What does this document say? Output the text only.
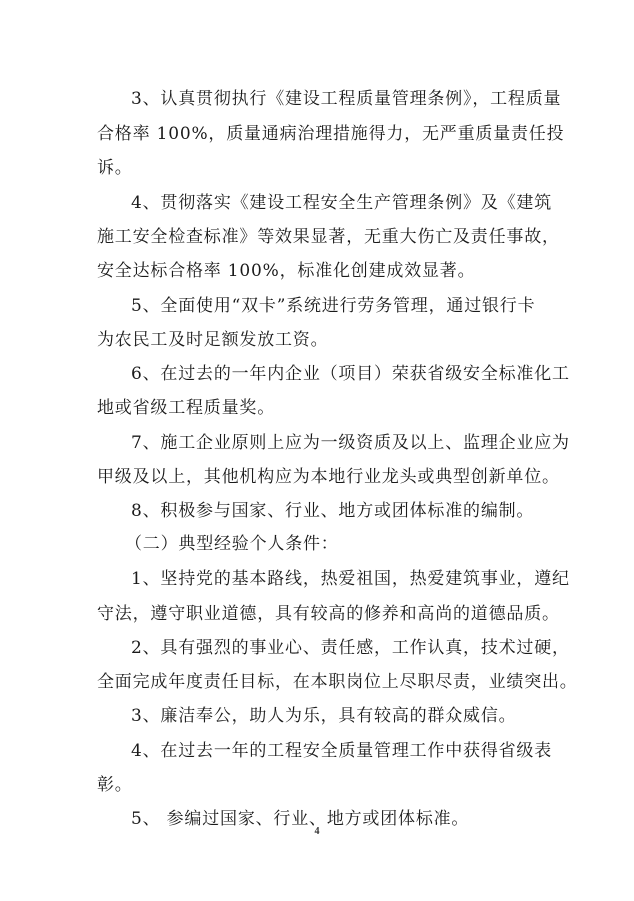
3、认真贯彻执行《建设工程质量管理条例》，工程质量
合格率 100%，质量通病治理措施得力，无严重质量责任投
诉。
4、贯彻落实《建设工程安全生产管理条例》及《建筑
施工安全检查标准》等效果显著，无重大伤亡及责任事故，
安全达标合格率 100%，标准化创建成效显著。
5、全面使用“双卡”系统进行劳务管理，通过银行卡
为农民工及时足额发放工资。
6、在过去的一年内企业（项目）荣获省级安全标准化工
地或省级工程质量奖。
7、施工企业原则上应为一级资质及以上、监理企业应为
甲级及以上，其他机构应为本地行业龙头或典型创新单位。
8、积极参与国家、行业、地方或团体标准的编制。
（二）典型经验个人条件：
1、坚持党的基本路线，热爱祖国，热爱建筑事业，遵纪
守法，遵守职业道德，具有较高的修养和高尚的道德品质。
2、具有强烈的事业心、责任感，工作认真，技术过硬，
全面完成年度责任目标，在本职岗位上尽职尽责，业绩突出。
3、廉洁奉公，助人为乐，具有较高的群众威信。
4、在过去一年的工程安全质量管理工作中获得省级表
彰。
5、 参编过国家、行业、地方或团体标准。
4
